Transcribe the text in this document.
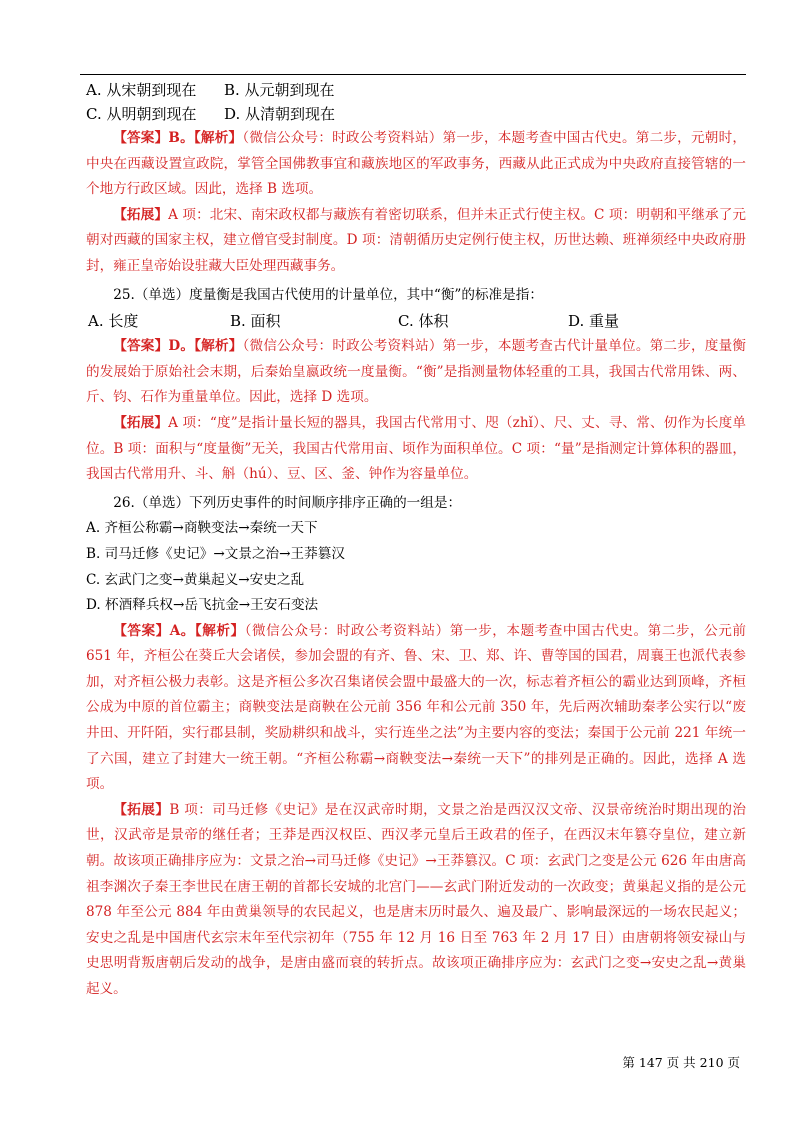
A. 从宋朝到现在	B. 从元朝到现在
C. 从明朝到现在	D. 从清朝到现在

【答案】B。【解析】（微信公众号：时政公考资料站）第一步，本题考查中国古代史。第二步，元朝时，中央在西藏设置宣政院，掌管全国佛教事宜和藏族地区的军政事务，西藏从此正式成为中央政府直接管辖的一个地方行政区域。因此，选择 B 选项。

【拓展】A 项：北宋、南宋政权都与藏族有着密切联系，但并未正式行使主权。C 项：明朝和平继承了元朝对西藏的国家主权，建立僧官受封制度。D 项：清朝循历史定例行使主权，历世达赖、班禅须经中央政府册封，雍正皇帝始设驻藏大臣处理西藏事务。

25.（单选）度量衡是我国古代使用的计量单位，其中“衡”的标准是指：

A. 长度	B. 面积	C. 体积	D. 重量

【答案】D。【解析】（微信公众号：时政公考资料站）第一步，本题考查古代计量单位。第二步，度量衡的发展始于原始社会末期，后秦始皇嬴政统一度量衡。“衡”是指测量物体轻重的工具，我国古代常用铢、两、斤、钧、石作为重量单位。因此，选择 D 选项。

【拓展】A 项：“度”是指计量长短的器具，我国古代常用寸、咫（zhǐ）、尺、丈、寻、常、仞作为长度单位。B 项：面积与“度量衡”无关，我国古代常用亩、顷作为面积单位。C 项：“量”是指测定计算体积的器皿，我国古代常用升、斗、斛（hú）、豆、区、釜、钟作为容量单位。

26.（单选）下列历史事件的时间顺序排序正确的一组是：

A. 齐桓公称霸→商鞅变法→秦统一天下
B. 司马迁修《史记》→文景之治→王莽篡汉
C. 玄武门之变→黄巢起义→安史之乱
D. 杯酒释兵权→岳飞抗金→王安石变法

【答案】A。【解析】（微信公众号：时政公考资料站）第一步，本题考查中国古代史。第二步，公元前 651 年，齐桓公在葵丘大会诸侯，参加会盟的有齐、鲁、宋、卫、郑、许、曹等国的国君，周襄王也派代表参加，对齐桓公极力表彰。这是齐桓公多次召集诸侯会盟中最盛大的一次，标志着齐桓公的霸业达到顶峰，齐桓公成为中原的首位霸主；商鞅变法是商鞅在公元前 356 年和公元前 350 年，先后两次辅助秦孝公实行以“废井田、开阡陌，实行郡县制，奖励耕织和战斗，实行连坐之法”为主要内容的变法；秦国于公元前 221 年统一了六国，建立了封建大一统王朝。“齐桓公称霸→商鞅变法→秦统一天下”的排列是正确的。因此，选择 A 选项。

【拓展】B 项：司马迁修《史记》是在汉武帝时期，文景之治是西汉汉文帝、汉景帝统治时期出现的治世，汉武帝是景帝的继任者；王莽是西汉权臣、西汉孝元皇后王政君的侄子，在西汉末年篡夺皇位，建立新朝。故该项正确排序应为：文景之治→司马迁修《史记》→王莽篡汉。C 项：玄武门之变是公元 626 年由唐高祖李渊次子秦王李世民在唐王朝的首都长安城的北宫门——玄武门附近发动的一次政变；黄巢起义指的是公元 878 年至公元 884 年由黄巢领导的农民起义，也是唐末历时最久、遍及最广、影响最深远的一场农民起义；安史之乱是中国唐代玄宗末年至代宗初年（755 年 12 月 16 日至 763 年 2 月 17 日）由唐朝将领安禄山与史思明背叛唐朝后发动的战争，是唐由盛而衰的转折点。故该项正确排序应为：玄武门之变→安史之乱→黄巢起义。

第 147 页 共 210 页
